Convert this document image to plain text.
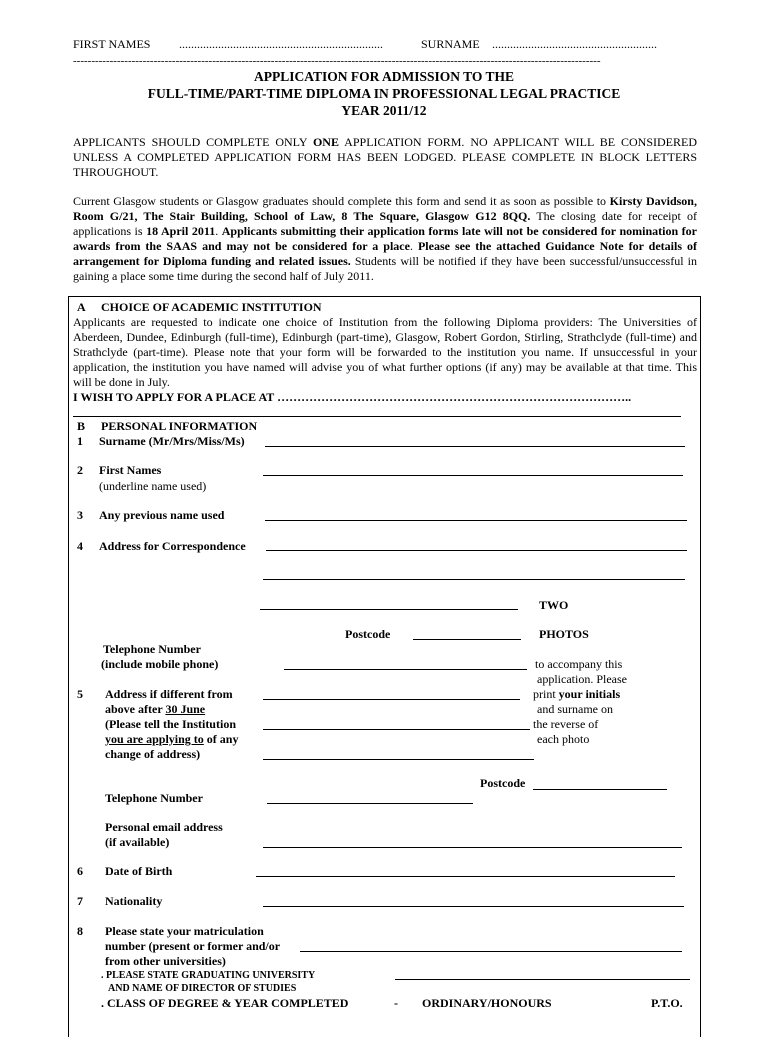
FIRST NAMES ....................................................................	SURNAME .......................................................
------------------------------------------------------------------------------------------------------------------------------------------------
APPLICATION FOR ADMISSION TO THE
FULL-TIME/PART-TIME DIPLOMA IN PROFESSIONAL LEGAL PRACTICE
YEAR 2011/12
APPLICANTS SHOULD COMPLETE ONLY ONE APPLICATION FORM. NO APPLICANT WILL BE CONSIDERED UNLESS A COMPLETED APPLICATION FORM HAS BEEN LODGED. PLEASE COMPLETE IN BLOCK LETTERS THROUGHOUT.
Current Glasgow students or Glasgow graduates should complete this form and send it as soon as possible to Kirsty Davidson, Room G/21, The Stair Building, School of Law, 8 The Square, Glasgow G12 8QQ. The closing date for receipt of applications is 18 April 2011. Applicants submitting their application forms late will not be considered for nomination for awards from the SAAS and may not be considered for a place. Please see the attached Guidance Note for details of arrangement for Diploma funding and related issues. Students will be notified if they have been successful/unsuccessful in gaining a place some time during the second half of July 2011.
A CHOICE OF ACADEMIC INSTITUTION
Applicants are requested to indicate one choice of Institution from the following Diploma providers: The Universities of Aberdeen, Dundee, Edinburgh (full-time), Edinburgh (part-time), Glasgow, Robert Gordon, Stirling, Strathclyde (full-time) and Strathclyde (part-time). Please note that your form will be forwarded to the institution you name. If unsuccessful in your application, the institution you have named will advise you of what further options (if any) may be available at that time. This will be done in July.
I WISH TO APPLY FOR A PLACE AT ……………………………………………………………………………..
B PERSONAL INFORMATION
1 Surname (Mr/Mrs/Miss/Ms)
2 First Names
(underline name used)
3 Any previous name used
4 Address for Correspondence
TWO
Postcode	PHOTOS
Telephone Number
(include mobile phone)	to accompany this
application. Please
print your initials
and surname on
the reverse of
each photo
5 Address if different from
above after 30 June
(Please tell the Institution
you are applying to of any
change of address)
Postcode
Telephone Number
Personal email address
(if available)
6 Date of Birth
7 Nationality
8 Please state your matriculation
number (present or former and/or
from other universities)
. PLEASE STATE GRADUATING UNIVERSITY
AND NAME OF DIRECTOR OF STUDIES
. CLASS OF DEGREE & YEAR COMPLETED	- ORDINARY/HONOURS	P.T.O.
